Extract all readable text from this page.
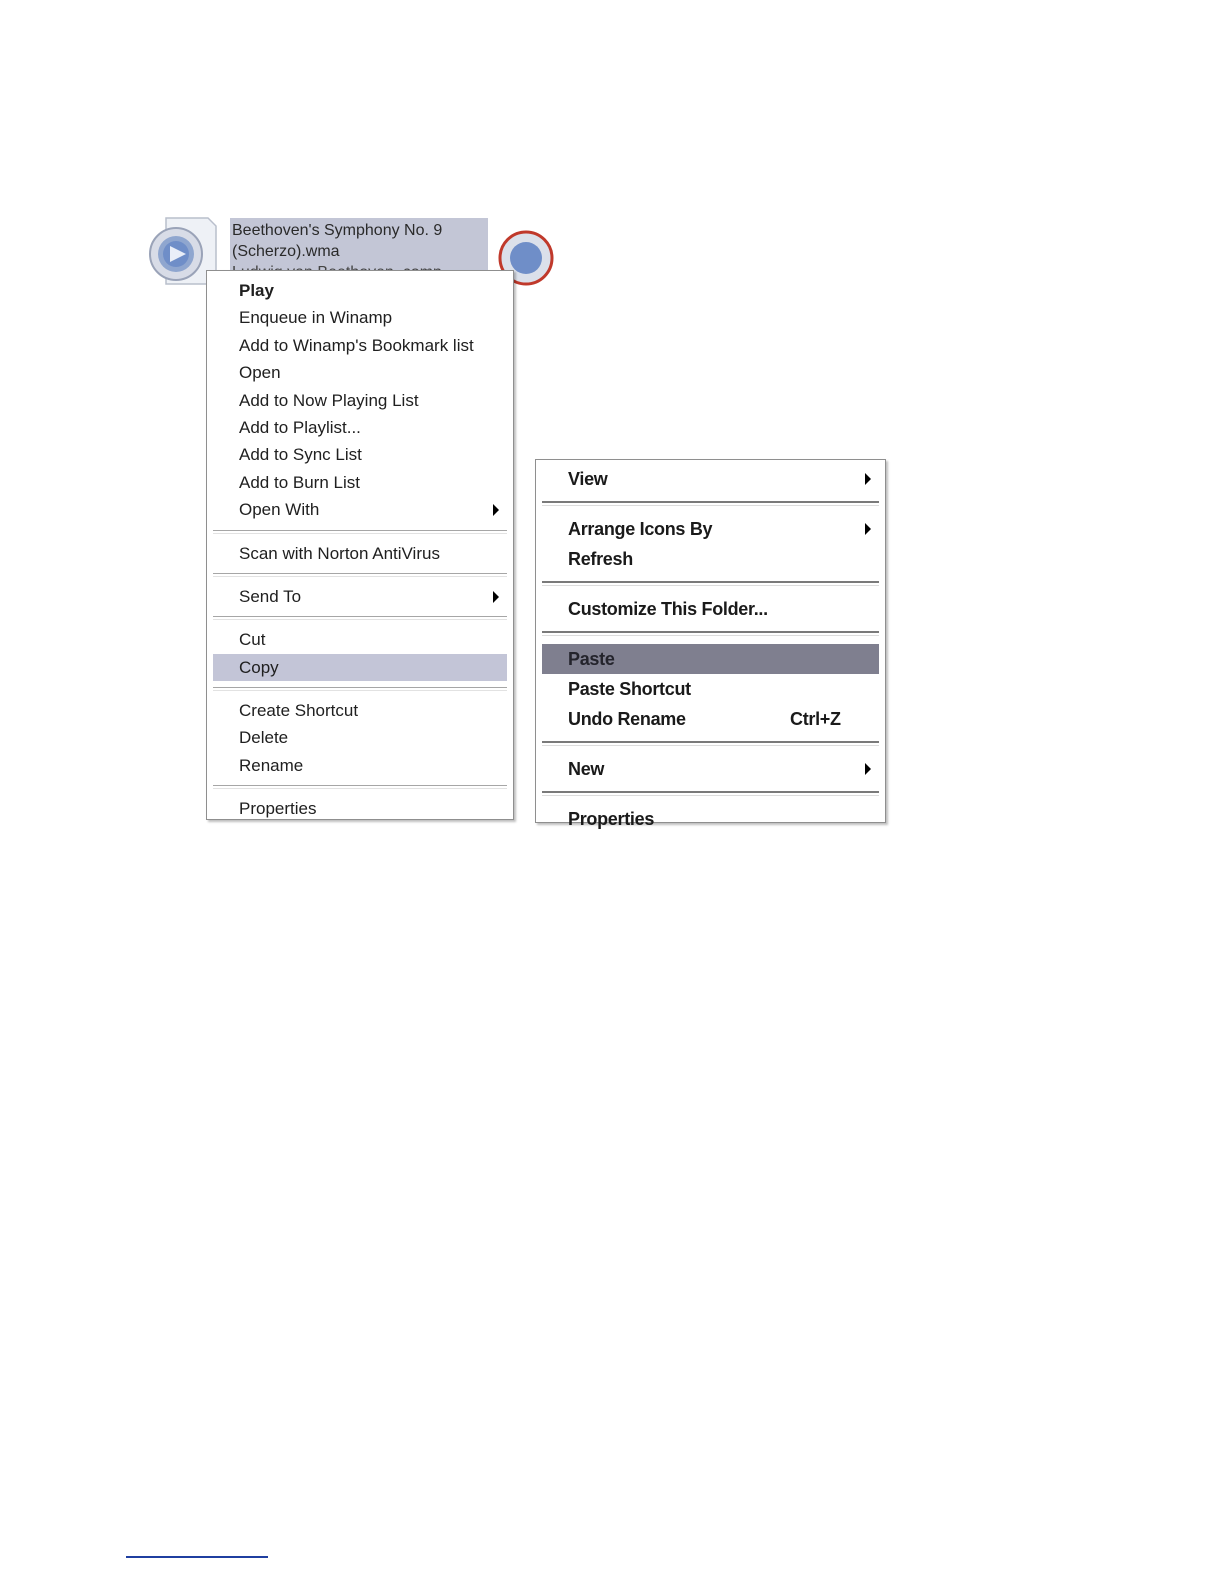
Beethoven's Symphony No. 9
(Scherzo).wma
Play
Enqueue in Winamp
Add to Winamp's Bookmark list
Open
Add to Now Playing List
Add to Playlist...
Add to Sync List
Add to Burn List
Open With
Scan with Norton AntiVirus
Send To
Cut
Copy
Create Shortcut
Delete
Rename
Properties
View
Arrange Icons By
Refresh
Customize This Folder...
Paste
Paste Shortcut
Undo Rename	Ctrl+Z
New
Properties
